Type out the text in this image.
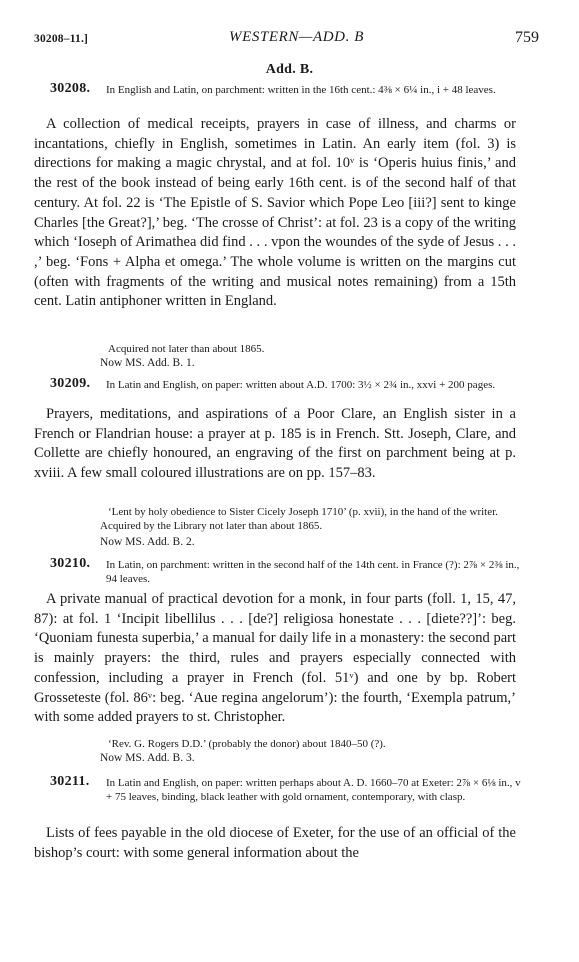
30208–11.]	WESTERN—ADD. B	759
Add. B.
30208. In English and Latin, on parchment: written in the 16th cent.: 4⅜ × 6¼ in., i + 48 leaves.
A collection of medical receipts, prayers in case of illness, and charms or incantations, chiefly in English, sometimes in Latin. An early item (fol. 3) is directions for making a magic chrystal, and at fol. 10ᵛ is ‘Operis huius finis,’ and the rest of the book instead of being early 16th cent. is of the second half of that century. At fol. 22 is ‘The Epistle of S. Savior which Pope Leo [iii?] sent to kinge Charles [the Great?],’ beg. ‘The crosse of Christ’: at fol. 23 is a copy of the writing which ‘Ioseph of Arimathea did find . . . vpon the woundes of the syde of Jesus . . . ,’ beg. ‘Fons + Alpha et omega.’ The whole volume is written on the margins cut (often with fragments of the writing and musical notes remaining) from a 15th cent. Latin antiphoner written in England.
Acquired not later than about 1865.
Now MS. Add. B. 1.
30209. In Latin and English, on paper: written about A.D. 1700: 3½ × 2¾ in., xxvi + 200 pages.
Prayers, meditations, and aspirations of a Poor Clare, an English sister in a French or Flandrian house: a prayer at p. 185 is in French. Stt. Joseph, Clare, and Collette are chiefly honoured, an engraving of the first on parchment being at p. xviii. A few small coloured illustrations are on pp. 157–83.
‘Lent by holy obedience to Sister Cicely Joseph 1710’ (p. xvii), in the hand of the writer. Acquired by the Library not later than about 1865.
Now MS. Add. B. 2.
30210. In Latin, on parchment: written in the second half of the 14th cent. in France (?): 2⅞ × 2⅜ in., 94 leaves.
A private manual of practical devotion for a monk, in four parts (foll. 1, 15, 47, 87): at fol. 1 ‘Incipit libellilus . . . [de?] religiosa honestate . . . [diete??]’: beg. ‘Quoniam funesta superbia,’ a manual for daily life in a monastery: the second part is mainly prayers: the third, rules and prayers especially connected with confession, including a prayer in French (fol. 51ᵛ) and one by bp. Robert Grosseteste (fol. 86ᵛ: beg. ‘Aue regina angelorum’): the fourth, ‘Exempla patrum,’ with some added prayers to st. Christopher.
‘Rev. G. Rogers D.D.’ (probably the donor) about 1840–50 (?).
Now MS. Add. B. 3.
30211. In Latin and English, on paper: written perhaps about A. D. 1660–70 at Exeter: 2⅞ × 6⅛ in., v + 75 leaves, binding, black leather with gold ornament, contemporary, with clasp.
Lists of fees payable in the old diocese of Exeter, for the use of an official of the bishop’s court: with some general information about the
